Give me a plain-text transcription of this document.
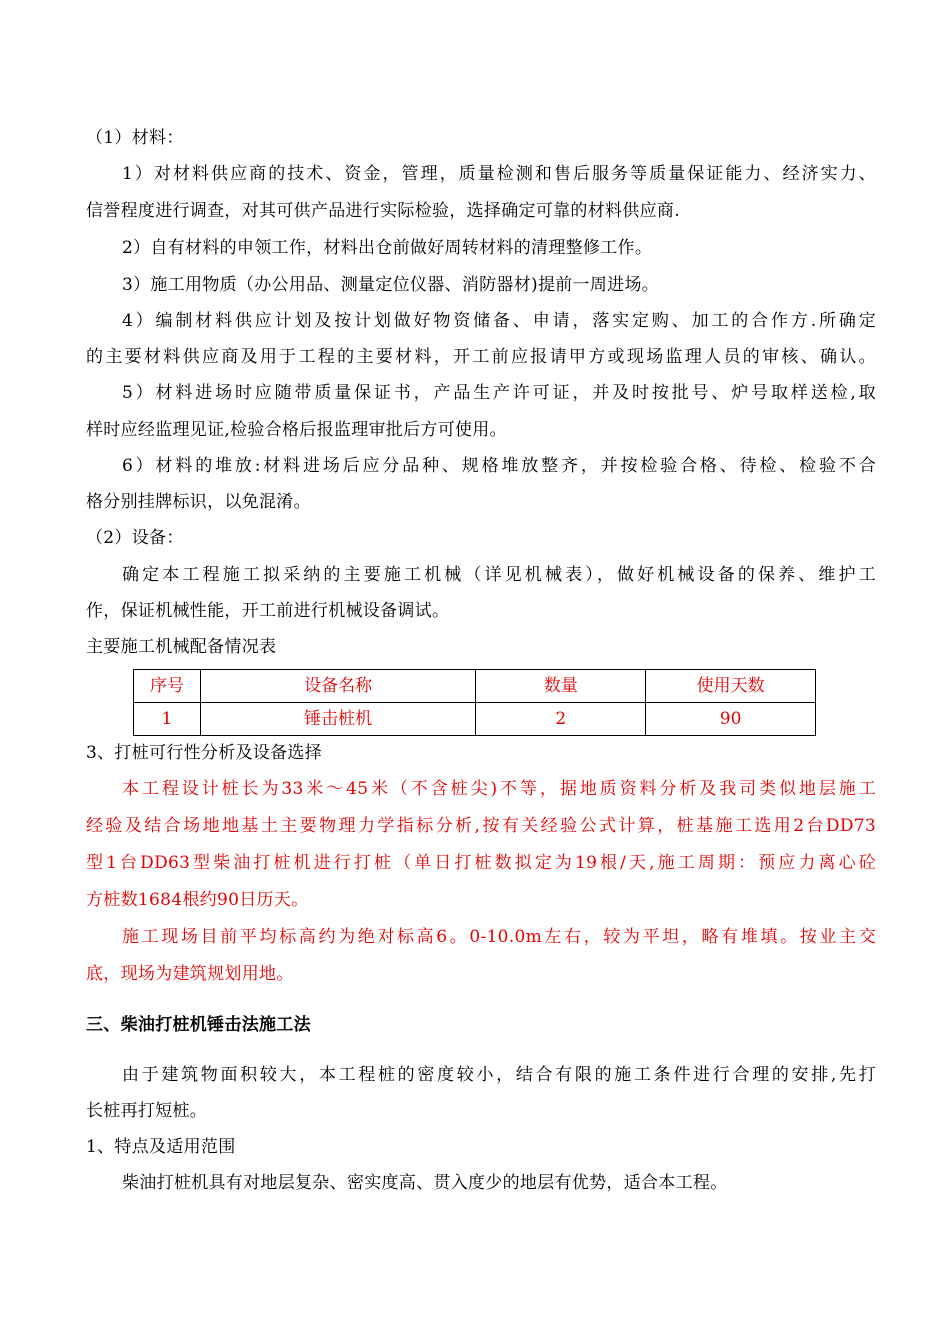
（1）材料：
1）对材料供应商的技术、资金，管理，质量检测和售后服务等质量保证能力、经济实力、
信誉程度进行调查，对其可供产品进行实际检验，选择确定可靠的材料供应商.
2）自有材料的申领工作，材料出仓前做好周转材料的清理整修工作。
3）施工用物质（办公用品、测量定位仪器、消防器材)提前一周进场。
4）编制材料供应计划及按计划做好物资储备、申请，落实定购、加工的合作方.所确定
的主要材料供应商及用于工程的主要材料，开工前应报请甲方或现场监理人员的审核、确认。
5）材料进场时应随带质量保证书，产品生产许可证，并及时按批号、炉号取样送检,取
样时应经监理见证,检验合格后报监理审批后方可使用。
6）材料的堆放:材料进场后应分品种、规格堆放整齐，并按检验合格、待检、检验不合
格分别挂牌标识，以免混淆。
（2）设备：
确定本工程施工拟采纳的主要施工机械（详见机械表），做好机械设备的保养、维护工
作，保证机械性能，开工前进行机械设备调试。
主要施工机械配备情况表
序号	设备名称	数量	使用天数
1	锤击桩机	2	90
3、打桩可行性分析及设备选择
本工程设计桩长为33米～45米（不含桩尖)不等，据地质资料分析及我司类似地层施工
经验及结合场地地基土主要物理力学指标分析,按有关经验公式计算，桩基施工选用2台DD73
型1台DD63型柴油打桩机进行打桩（单日打桩数拟定为19根/天,施工周期：预应力离心砼
方桩数1684根约90日历天。
施工现场目前平均标高约为绝对标高6。0-10.0m左右，较为平坦，略有堆填。按业主交
底，现场为建筑规划用地。
三、柴油打桩机锤击法施工法
由于建筑物面积较大，本工程桩的密度较小，结合有限的施工条件进行合理的安排,先打
长桩再打短桩。
1、特点及适用范围
柴油打桩机具有对地层复杂、密实度高、贯入度少的地层有优势，适合本工程。
